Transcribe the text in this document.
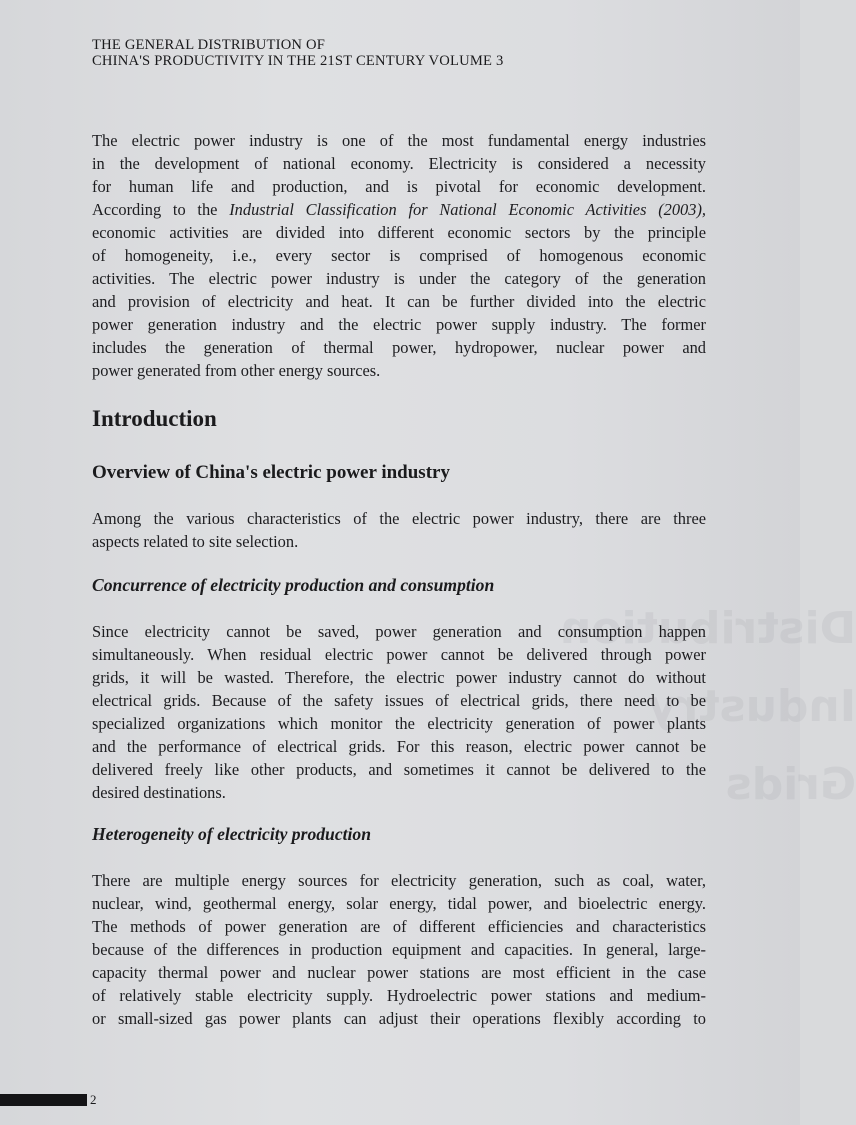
Distribution
Industry
Grids
THE GENERAL DISTRIBUTION OF
CHINA'S PRODUCTIVITY IN THE 21ST CENTURY VOLUME 3
The electric power industry is one of the most fundamental energy industries
in the development of national economy. Electricity is considered a necessity
for human life and production, and is pivotal for economic development.
According to the Industrial Classification for National Economic Activities (2003),
economic activities are divided into different economic sectors by the principle
of homogeneity, i.e., every sector is comprised of homogenous economic
activities. The electric power industry is under the category of the generation
and provision of electricity and heat. It can be further divided into the electric
power generation industry and the electric power supply industry. The former
includes the generation of thermal power, hydropower, nuclear power and
power generated from other energy sources.
Introduction
Overview of China's electric power industry
Among the various characteristics of the electric power industry, there are three
aspects related to site selection.
Concurrence of electricity production and consumption
Since electricity cannot be saved, power generation and consumption happen
simultaneously. When residual electric power cannot be delivered through power
grids, it will be wasted. Therefore, the electric power industry cannot do without
electrical grids. Because of the safety issues of electrical grids, there need to be
specialized organizations which monitor the electricity generation of power plants
and the performance of electrical grids. For this reason, electric power cannot be
delivered freely like other products, and sometimes it cannot be delivered to the
desired destinations.
Heterogeneity of electricity production
There are multiple energy sources for electricity generation, such as coal, water,
nuclear, wind, geothermal energy, solar energy, tidal power, and bioelectric energy.
The methods of power generation are of different efficiencies and characteristics
because of the differences in production equipment and capacities. In general, large-
capacity thermal power and nuclear power stations are most efficient in the case
of relatively stable electricity supply. Hydroelectric power stations and medium-
or small-sized gas power plants can adjust their operations flexibly according to
2
